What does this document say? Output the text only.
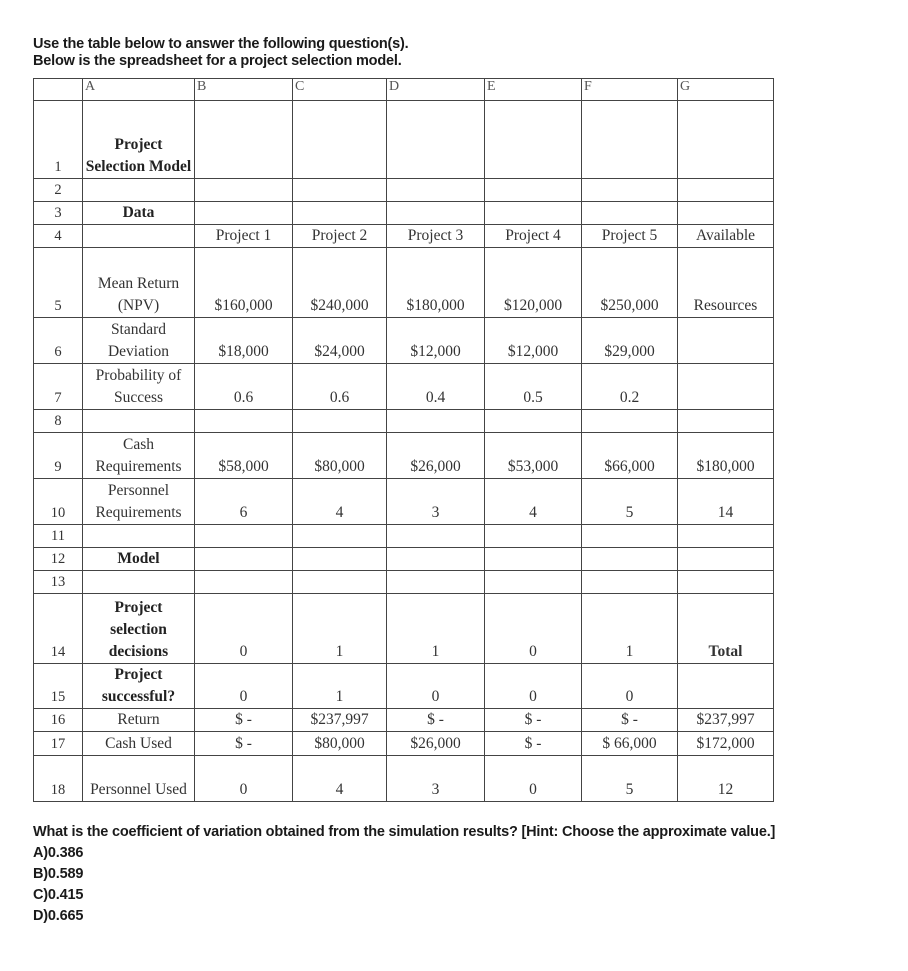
Use the table below to answer the following question(s).
Below is the spreadsheet for a project selection model.
	A	B	C	D	E	F	G
1	Project Selection Model						
2							
3	Data						
4		Project 1	Project 2	Project 3	Project 4	Project 5	Available
5	Mean Return (NPV)	$160,000	$240,000	$180,000	$120,000	$250,000	Resources
6	Standard Deviation	$18,000	$24,000	$12,000	$12,000	$29,000	
7	Probability of Success	0.6	0.6	0.4	0.5	0.2	
8							
9	Cash Requirements	$58,000	$80,000	$26,000	$53,000	$66,000	$180,000
10	Personnel Requirements	6	4	3	4	5	14
11							
12	Model						
13							
14	Project selection decisions	0	1	1	0	1	Total
15	Project successful?	0	1	0	0	0	
16	Return	$ -	$237,997	$ -	$ -	$ -	$237,997
17	Cash Used	$ -	$80,000	$26,000	$ -	$ 66,000	$172,000
18	Personnel Used	0	4	3	0	5	12
What is the coefficient of variation obtained from the simulation results? [Hint: Choose the approximate value.]
A)0.386
B)0.589
C)0.415
D)0.665
